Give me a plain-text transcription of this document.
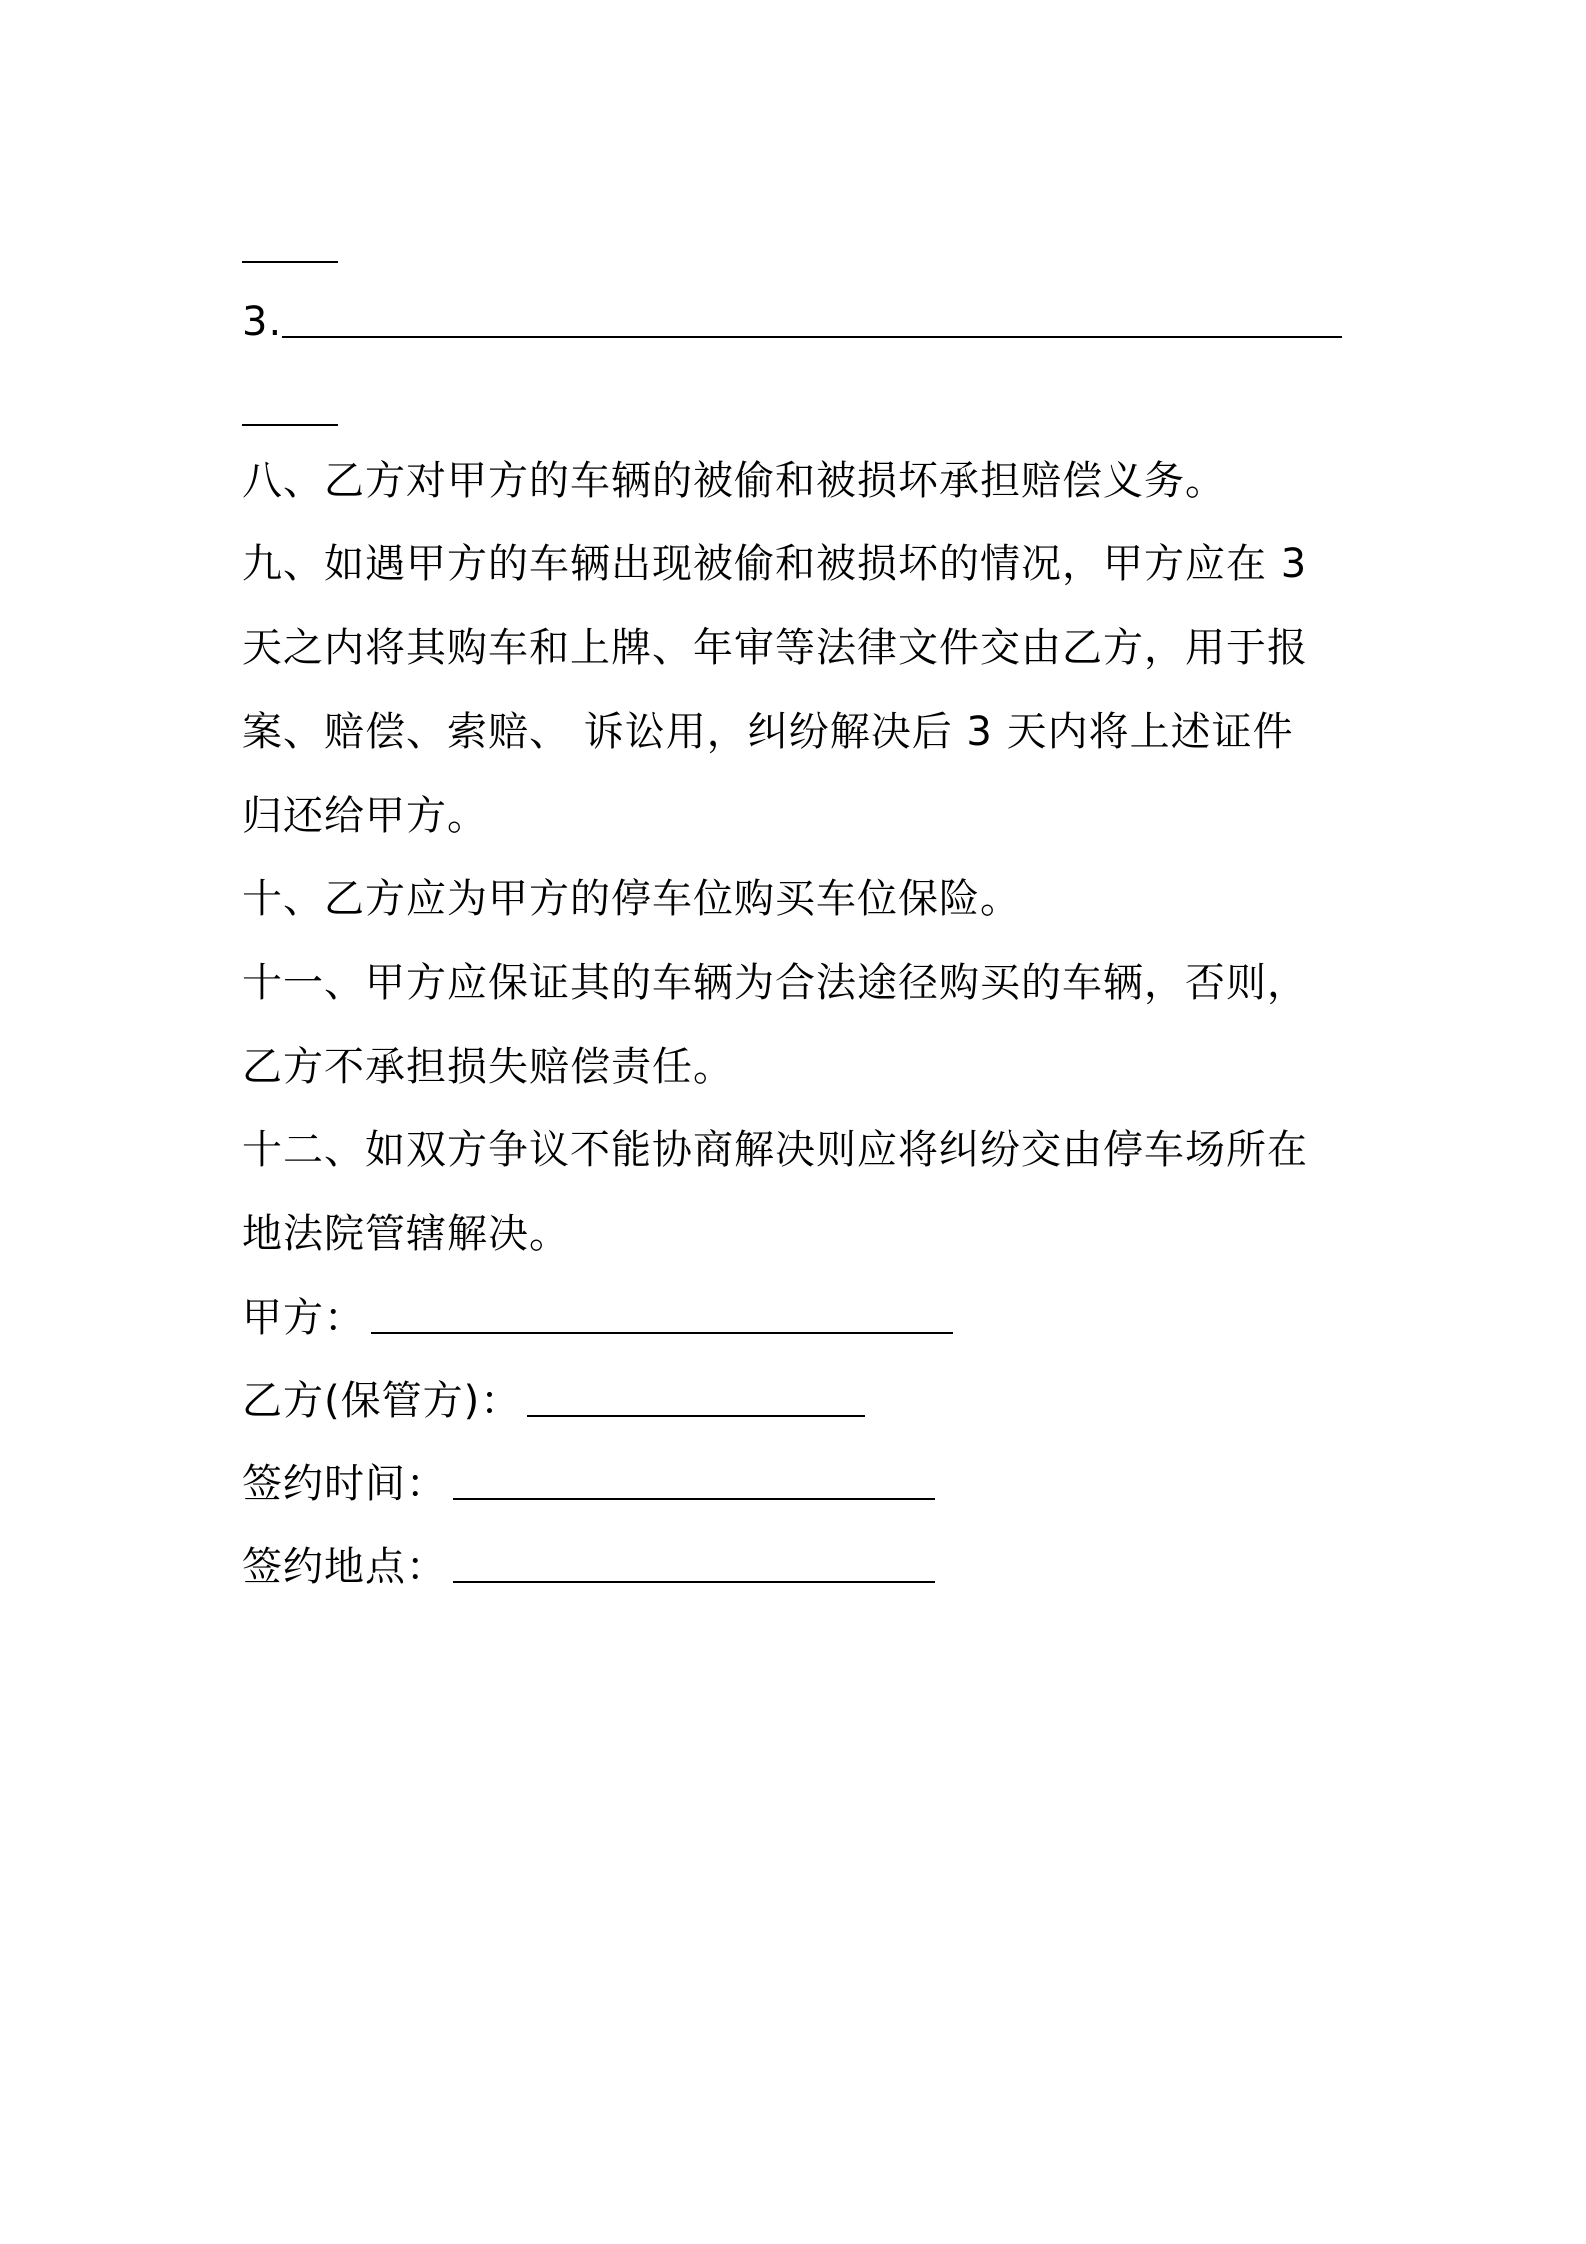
3.
八、乙方对甲方的车辆的被偷和被损坏承担赔偿义务。
九、如遇甲方的车辆出现被偷和被损坏的情况，甲方应在 3
天之内将其购车和上牌、年审等法律文件交由乙方，用于报
案、赔偿、索赔、 诉讼用，纠纷解决后 3 天内将上述证件
归还给甲方。
十、乙方应为甲方的停车位购买车位保险。
十一、甲方应保证其的车辆为合法途径购买的车辆，否则，
乙方不承担损失赔偿责任。
十二、如双方争议不能协商解决则应将纠纷交由停车场所在
地法院管辖解决。
甲方：
乙方(保管方)：
签约时间：
签约地点：
